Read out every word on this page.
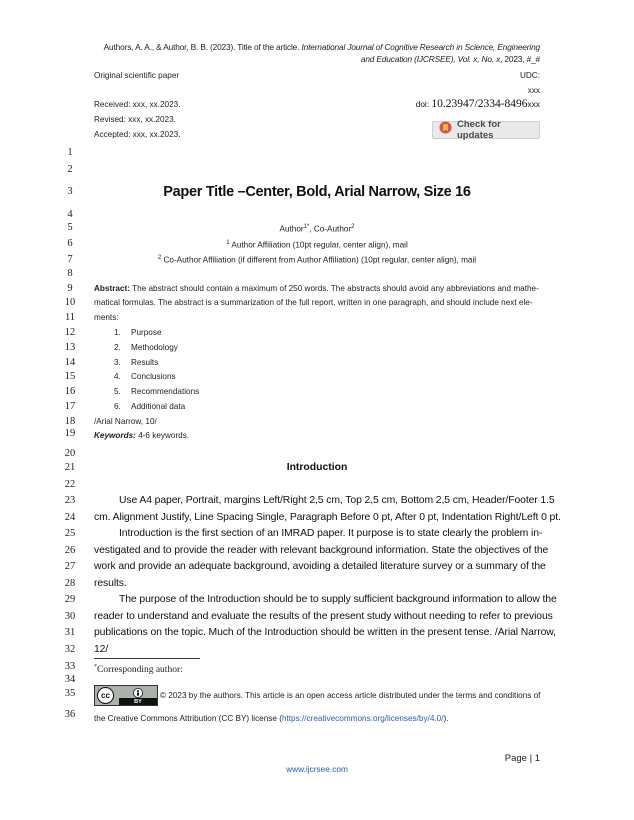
Authors, A. A., & Author, B. B. (2023). Title of the article. International Journal of Cognitive Research in Science, Engineering
and Education (IJCRSEE), Vol. x, No. x, 2023, #_#
Original scientific paper	UDC:
xxx
Received: xxx, xx.2023.
Revised: xxx, xx.2023.
Accepted: xxx, xx.2023.
doi: 10.23947/2334-8496xxx
Check for updates
1
2
3
4
5
6
7
8
9
10
11
12
13
14
15
16
17
18
19
20
21
22
23
24
25
26
27
28
29
30
31
32
33
34
35
36
Paper Title –Center, Bold, Arial Narrow, Size 16
Author$^{1*}$, Co-Author$^2$
$^1$ Author Affiliation (10pt regular, center align), mail
$^2$ Co-Author Affiliation (if different from Author Affiliation) (10pt regular, center align), mail
Abstract: The abstract should contain a maximum of 250 words. The abstracts should avoid any abbreviations and mathe-
matical formulas. The abstract is a summarization of the full report, written in one paragraph, and should include next ele-
ments:
1. Purpose
2. Methodology
3. Results
4. Conclusions
5. Recommendations
6. Additional data
/Arial Narrow, 10/
Keywords: 4-6 keywords.
Introduction
Use A4 paper, Portrait, margins Left/Right 2,5 cm, Top 2,5 cm, Bottom 2,5 cm, Header/Footer 1.5
cm. Alignment Justify, Line Spacing Single, Paragraph Before 0 pt, After 0 pt, Indentation Right/Left 0 pt.
Introduction is the first section of an IMRAD paper. It purpose is to state clearly the problem in-
vestigated and to provide the reader with relevant background information. State the objectives of the
work and provide an adequate background, avoiding a detailed literature survey or a summary of the
results.
The purpose of the Introduction should be to supply sufficient background information to allow the
reader to understand and evaluate the results of the present study without needing to refer to previous
publications on the topic. Much of the Introduction should be written in the present tense. /Arial Narrow,
12/
*Corresponding author:
cc
BY
© 2023 by the authors. This article is an open access article distributed under the terms and conditions of
the Creative Commons Attribution (CC BY) license (https://creativecommons.org/licenses/by/4.0/).
Page | 1
www.ijcrsee.com
